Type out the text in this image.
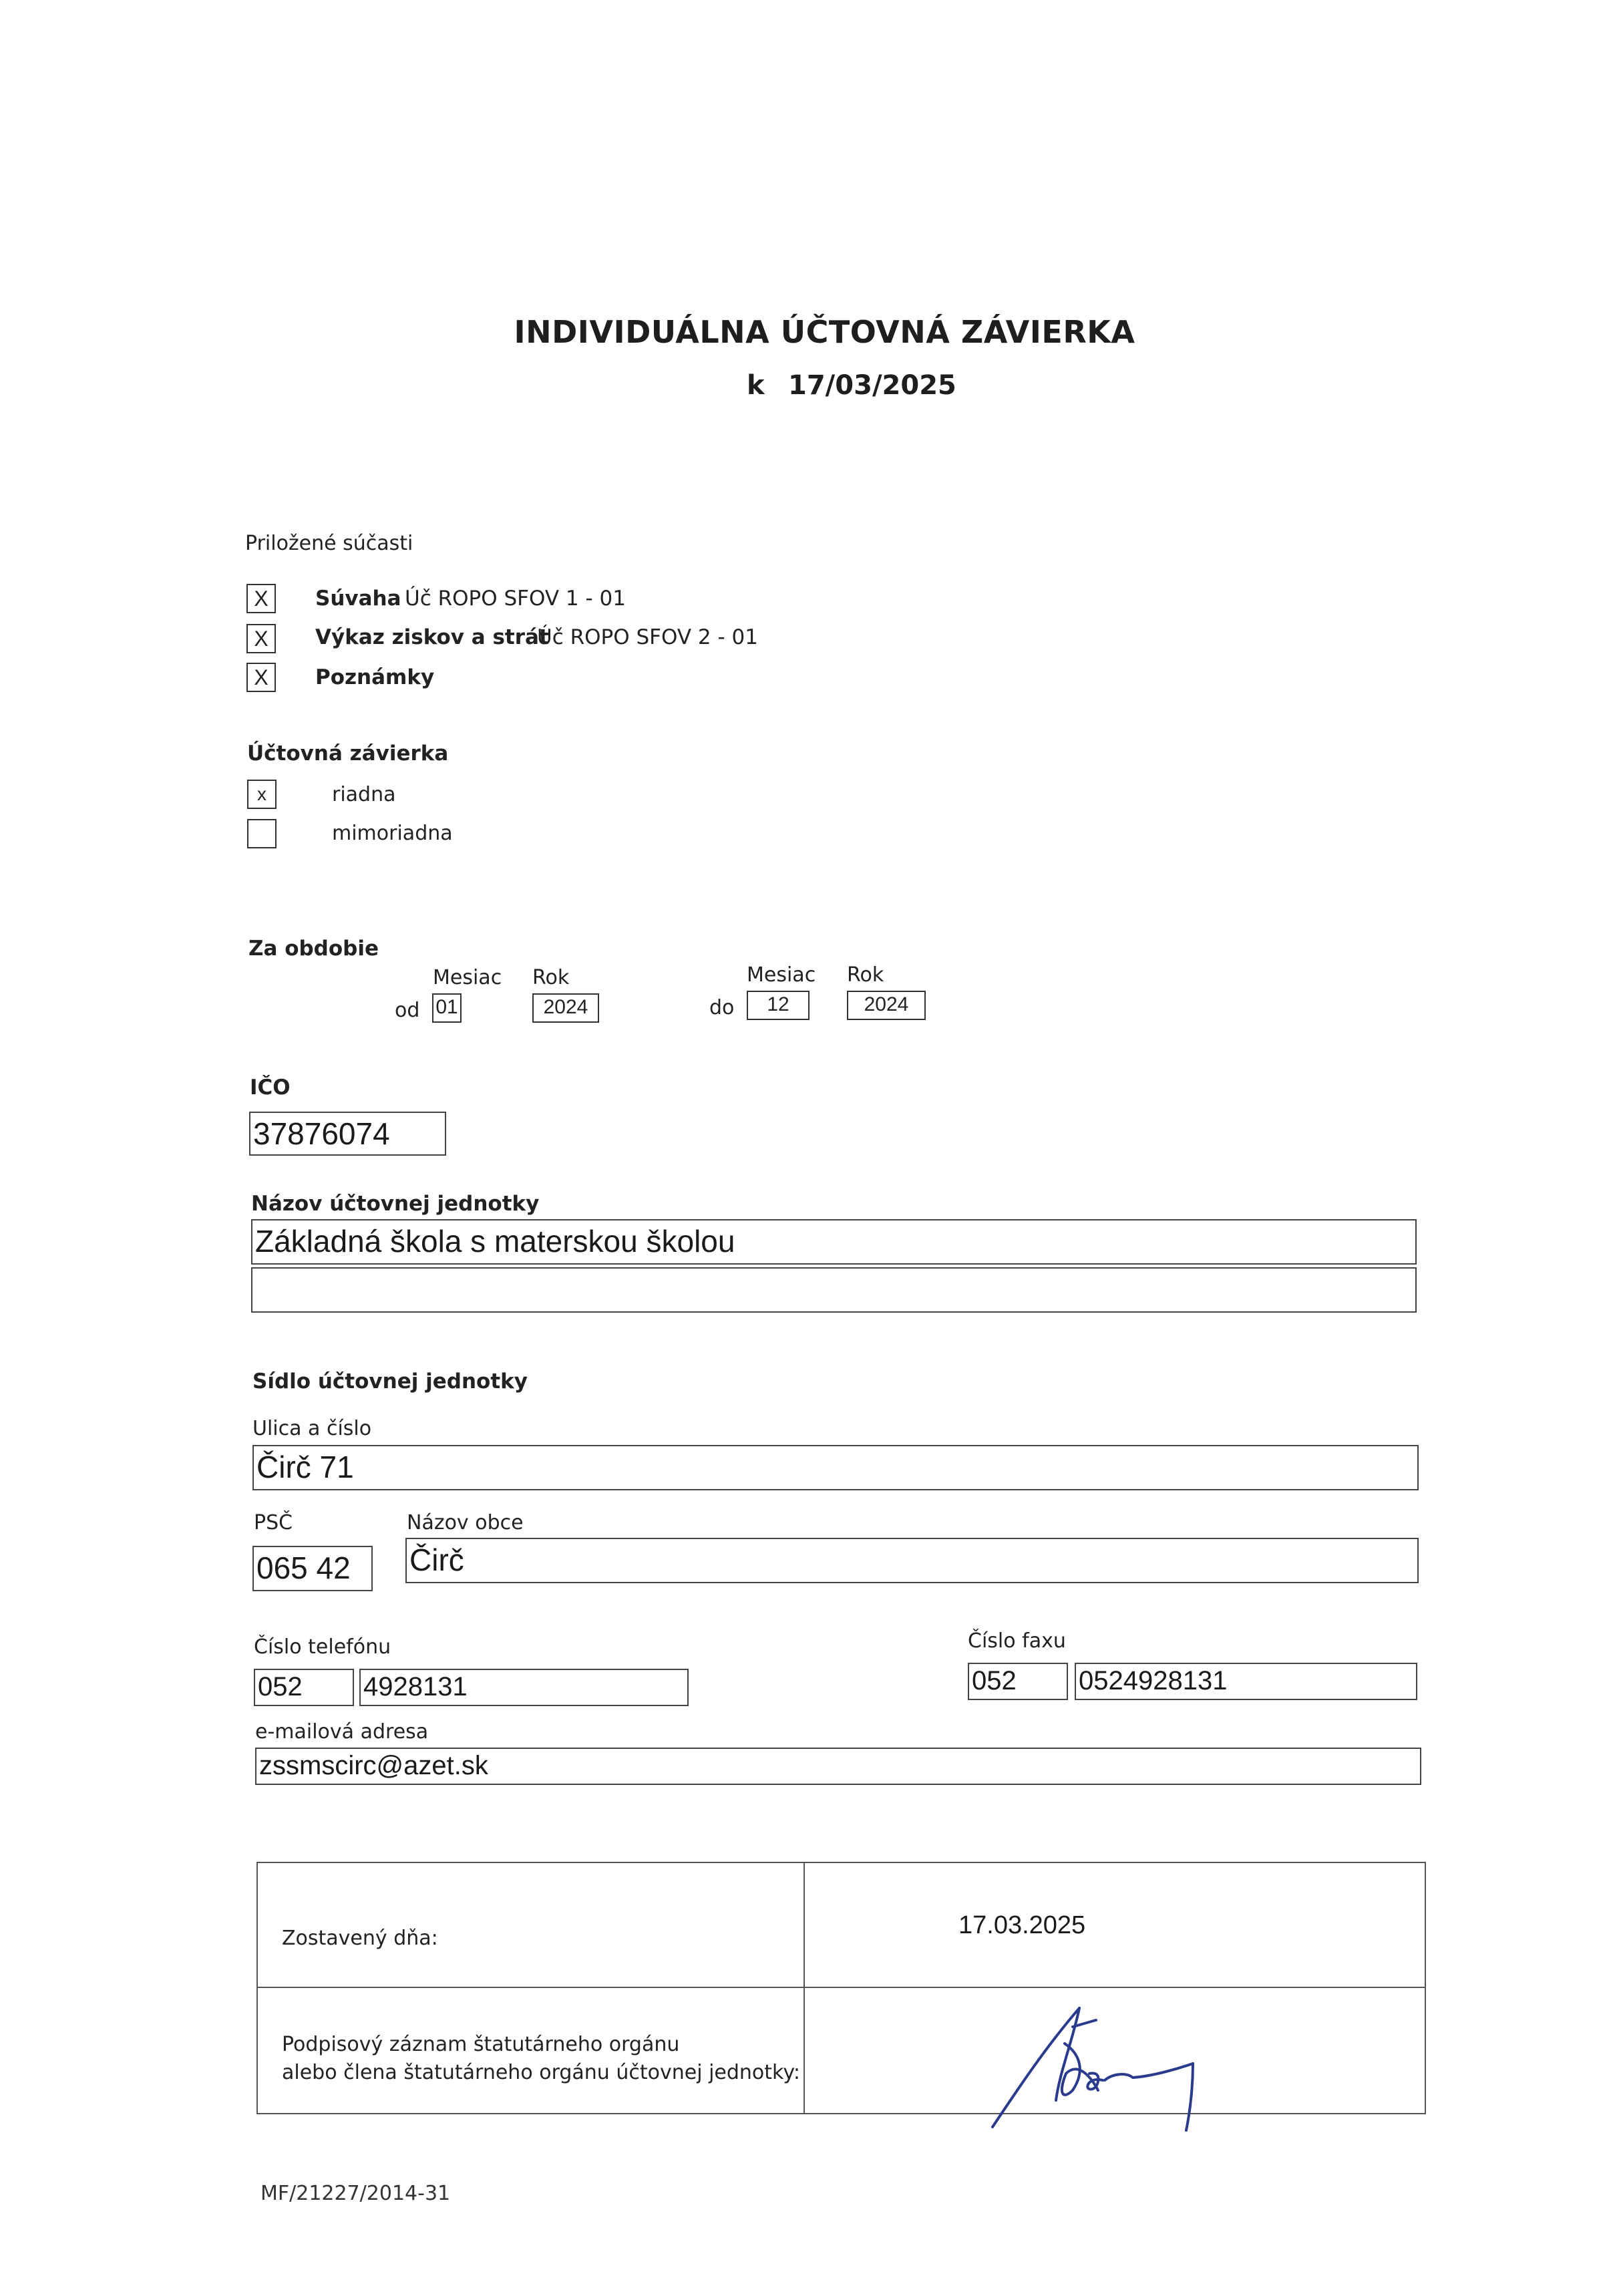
INDIVIDUÁLNA ÚČTOVNÁ ZÁVIERKA
k 17/03/2025
Priložené súčasti
X	Súvaha Úč ROPO SFOV 1 - 01
X	Výkaz ziskov a strát
Úč ROPO SFOV 2 - 01
X	Poznámky
Účtovná závierka
x	riadna
mimoriadna
Za obdobie
Mesiac Rok	Mesiac Rok
od 01	2024	do	12	2024
IČO
37876074
Názov účtovnej jednotky
Základná škola s materskou školou
Sídlo účtovnej jednotky
Ulica a číslo
Čirč 71
PSČ	Názov obce
065 42	Čirč
Číslo telefónu	Číslo faxu
052	4928131	052	0524928131
e-mailová adresa
zssmscirc@azet.sk
Zostavený dňa:	17.03.2025
Podpisový záznam štatutárneho orgánu
alebo člena štatutárneho orgánu účtovnej jednotky:
MF/21227/2014-31
